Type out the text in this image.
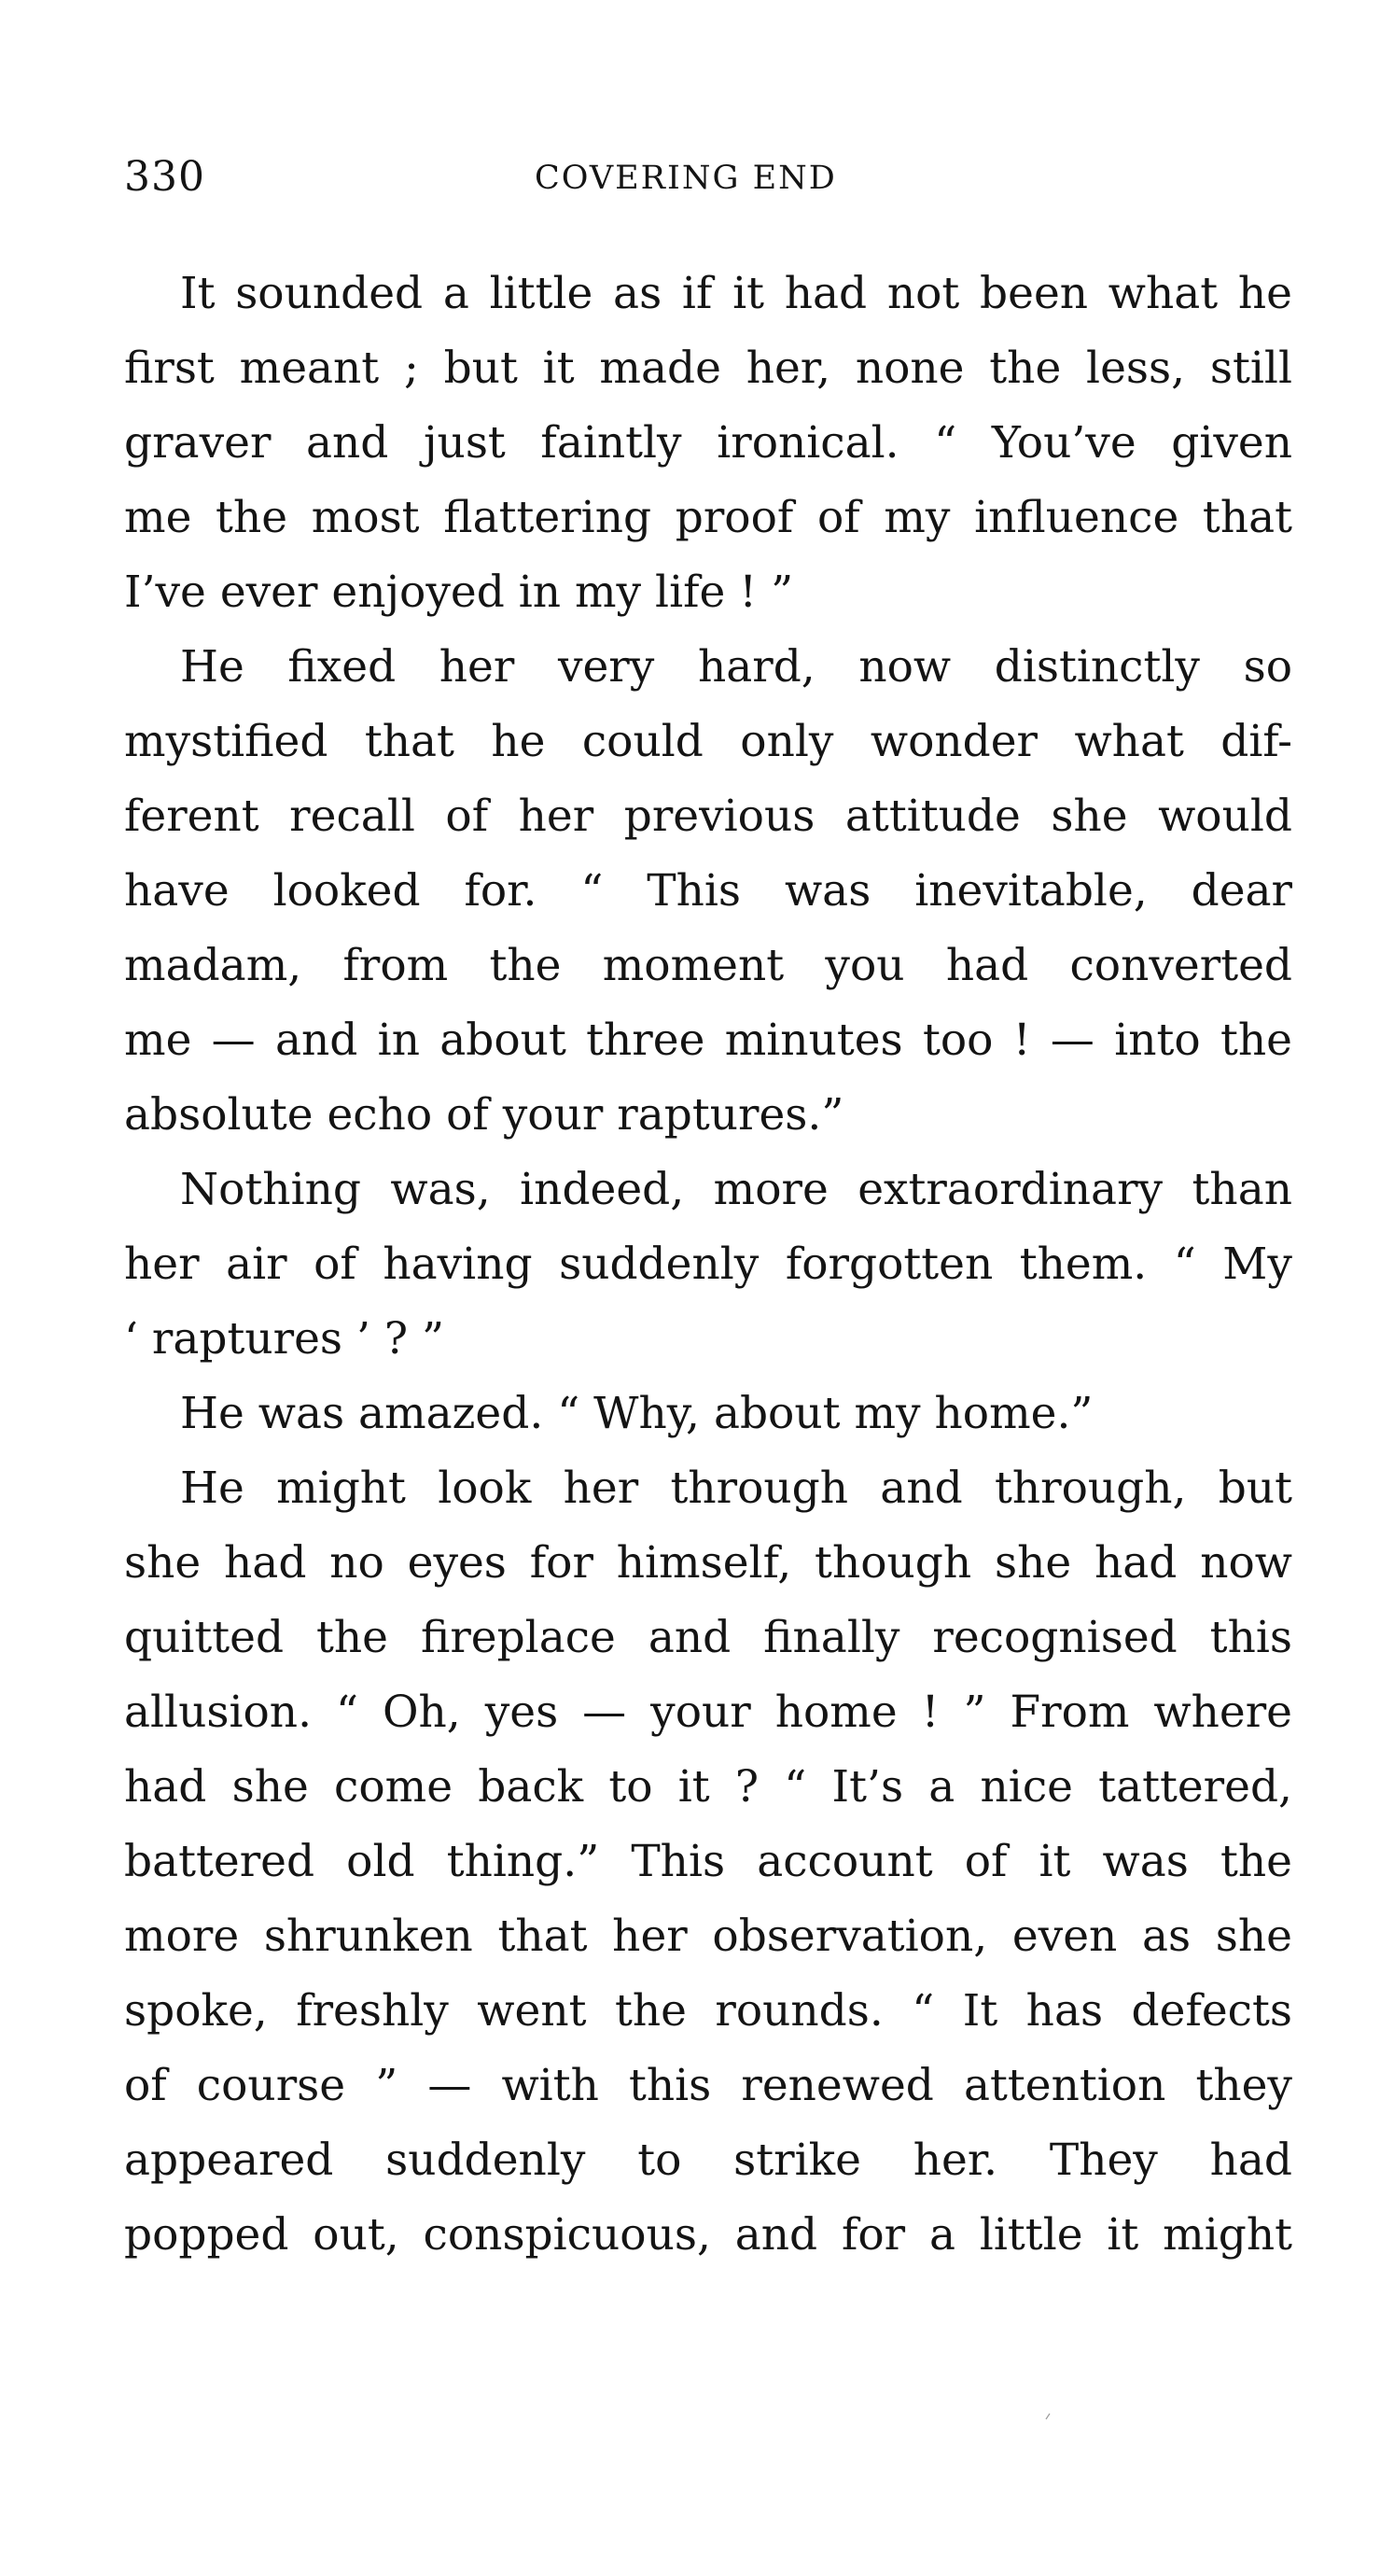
330	COVERING END
It sounded a little as if it had not been what he
first meant ; but it made her, none the less, still
graver and just faintly ironical. “ You’ve given
me the most flattering proof of my influence that
I’ve ever enjoyed in my life ! ”
He fixed her very hard, now distinctly so
mystified that he could only wonder what dif-
ferent recall of her previous attitude she would
have looked for. “ This was inevitable, dear
madam, from the moment you had converted
me — and in about three minutes too ! — into the
absolute echo of your raptures.”
Nothing was, indeed, more extraordinary than
her air of having suddenly forgotten them. “ My
‘ raptures ’ ? ”
He was amazed. “ Why, about my home.”
He might look her through and through, but
she had no eyes for himself, though she had now
quitted the fireplace and finally recognised this
allusion. “ Oh, yes — your home ! ” From where
had she come back to it ? “ It’s a nice tattered,
battered old thing.” This account of it was the
more shrunken that her observation, even as she
spoke, freshly went the rounds. “ It has defects
of course ” — with this renewed attention they
appeared suddenly to strike her. They had
popped out, conspicuous, and for a little it might
